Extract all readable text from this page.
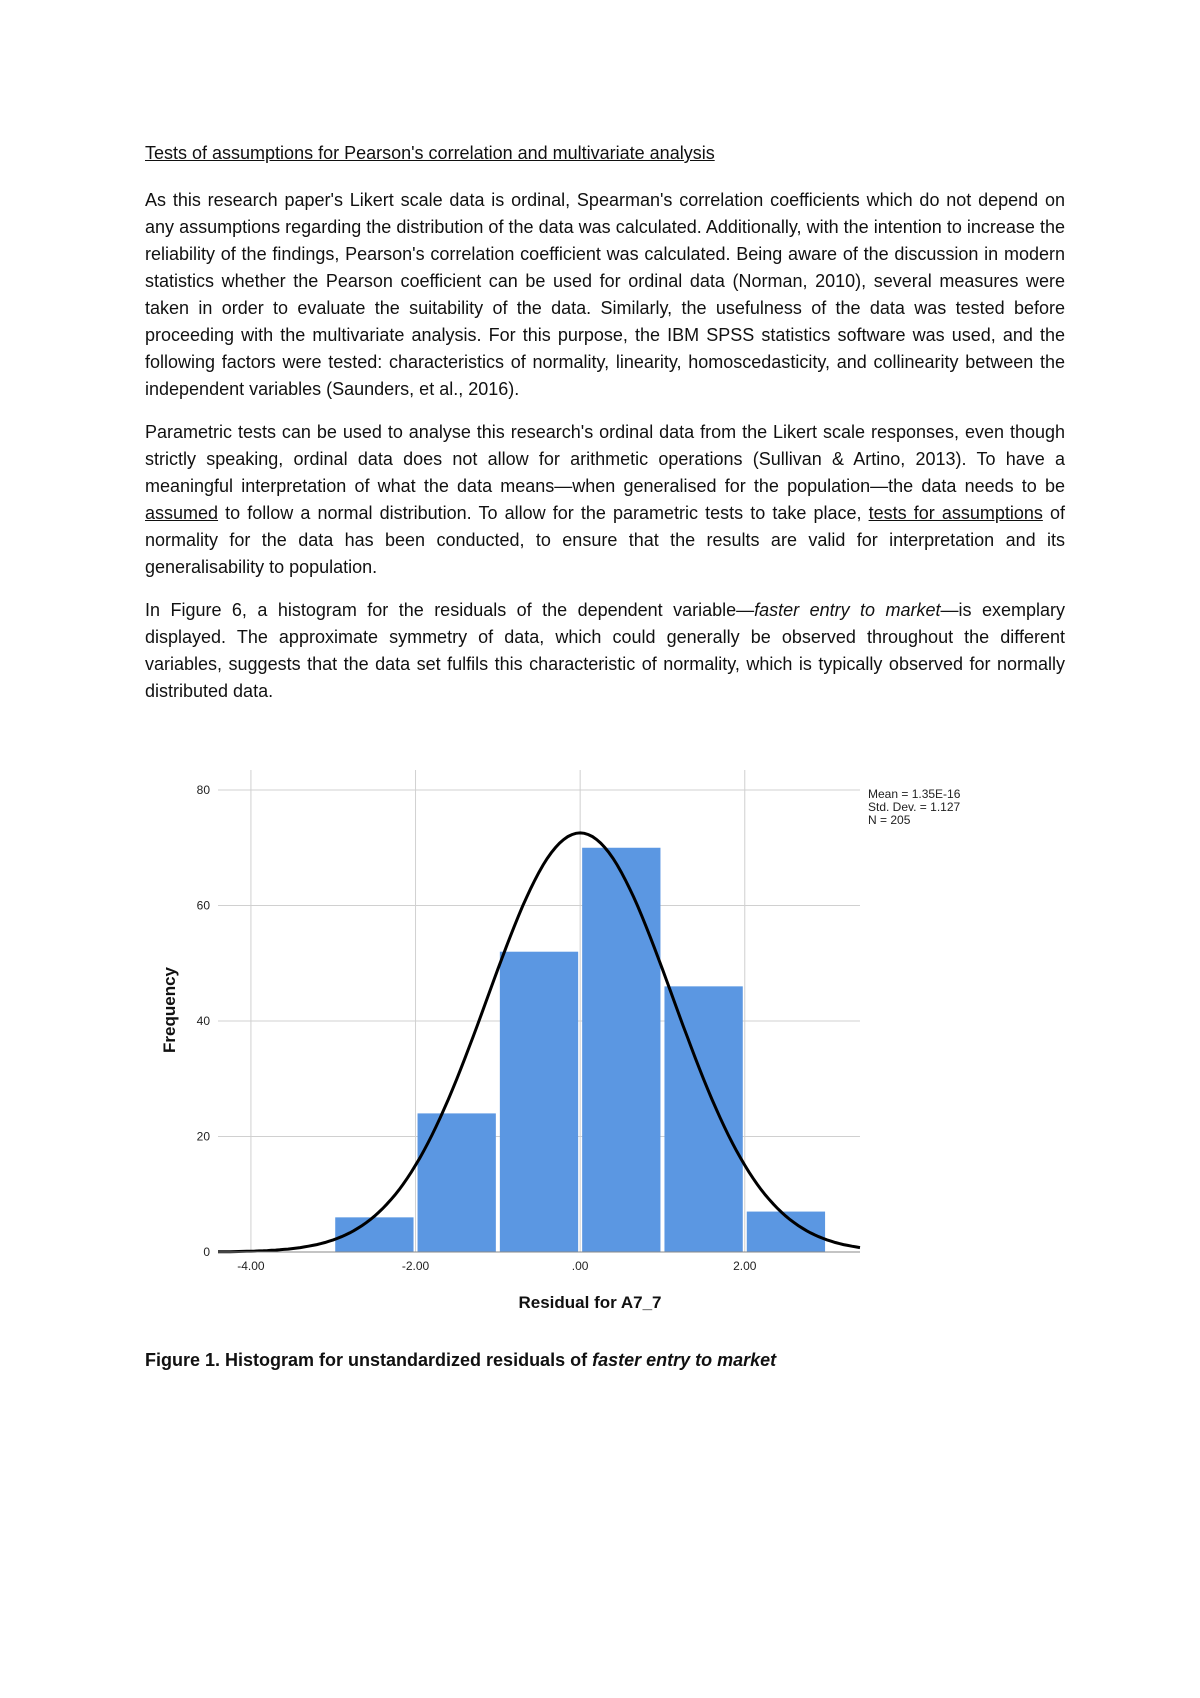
Tests of assumptions for Pearson's correlation and multivariate analysis

As this research paper's Likert scale data is ordinal, Spearman's correlation coefficients which do not depend on any assumptions regarding the distribution of the data was calculated. Additionally, with the intention to increase the reliability of the findings, Pearson's correlation coefficient was calculated. Being aware of the discussion in modern statistics whether the Pearson coefficient can be used for ordinal data (Norman, 2010), several measures were taken in order to evaluate the suitability of the data. Similarly, the usefulness of the data was tested before proceeding with the multivariate analysis. For this purpose, the IBM SPSS statistics software was used, and the following factors were tested: characteristics of normality, linearity, homoscedasticity, and collinearity between the independent variables (Saunders, et al., 2016).

Parametric tests can be used to analyse this research's ordinal data from the Likert scale responses, even though strictly speaking, ordinal data does not allow for arithmetic operations (Sullivan & Artino, 2013). To have a meaningful interpretation of what the data means—when generalised for the population—the data needs to be assumed to follow a normal distribution. To allow for the parametric tests to take place, tests for assumptions of normality for the data has been conducted, to ensure that the results are valid for interpretation and its generalisability to population.

In Figure 6, a histogram for the residuals of the dependent variable—faster entry to market—is exemplary displayed. The approximate symmetry of data, which could generally be observed throughout the different variables, suggests that the data set fulfils this characteristic of normality, which is typically observed for normally distributed data.

0
20
40
60
80
-4.00	-2.00	.00	2.00
Mean = 1.35E-16
Std. Dev. = 1.127
N = 205
Residual for A7_7
Frequency
Figure 1. Histogram for unstandardized residuals of faster entry to market
